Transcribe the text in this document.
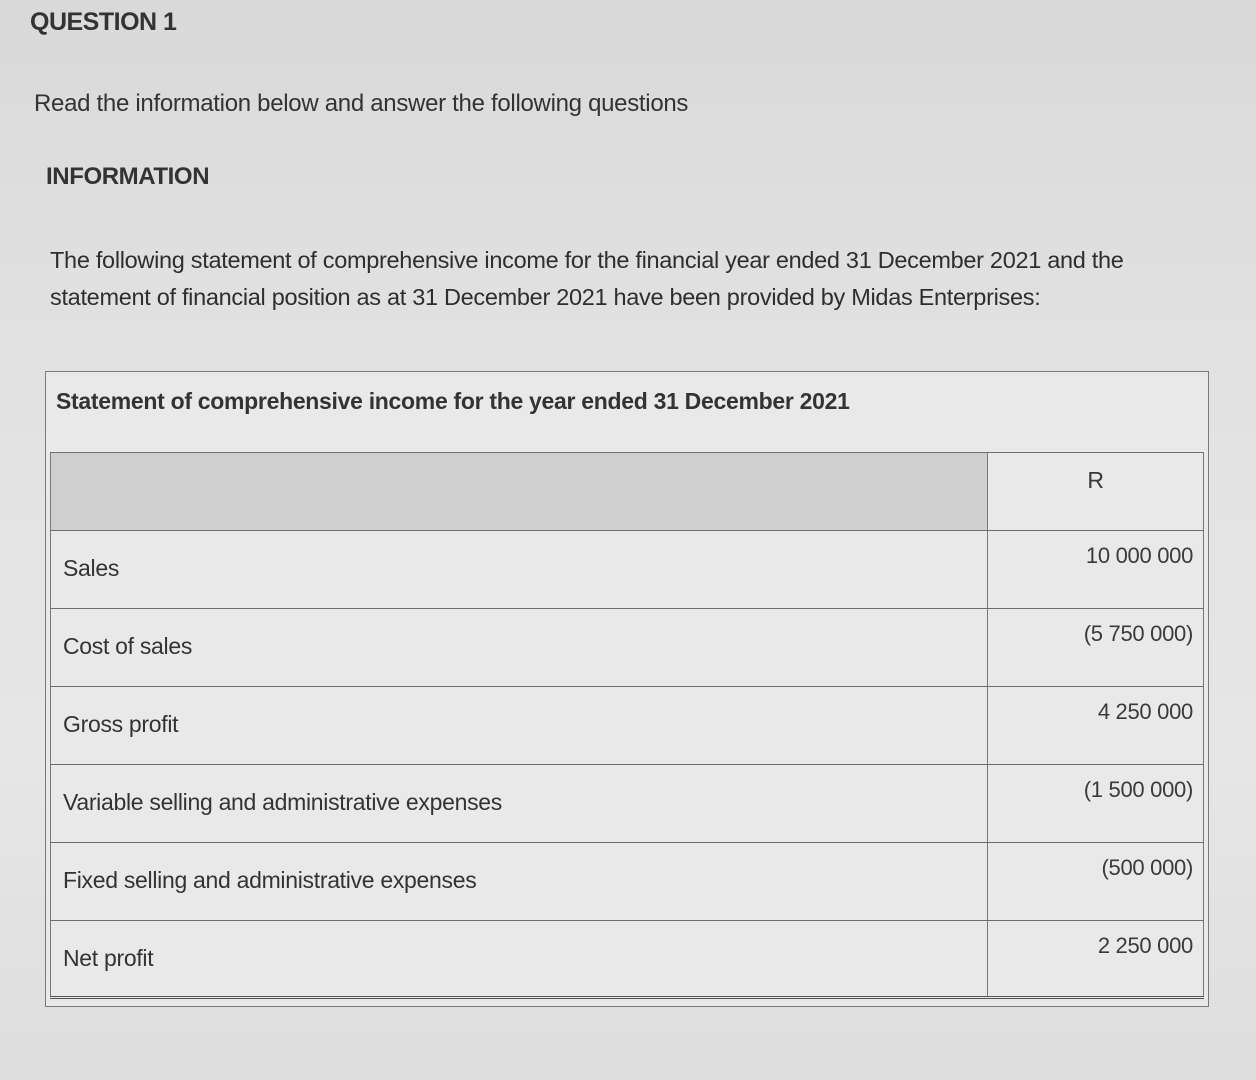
QUESTION 1
Read the information below and answer the following questions
INFORMATION
The following statement of comprehensive income for the financial year ended 31 December 2021 and the statement of financial position as at 31 December 2021 have been provided by Midas Enterprises:
Statement of comprehensive income for the year ended 31 December 2021
R
Sales	10 000 000
Cost of sales	(5 750 000)
Gross profit	4 250 000
Variable selling and administrative expenses	(1 500 000)
Fixed selling and administrative expenses	(500 000)
Net profit	2 250 000
